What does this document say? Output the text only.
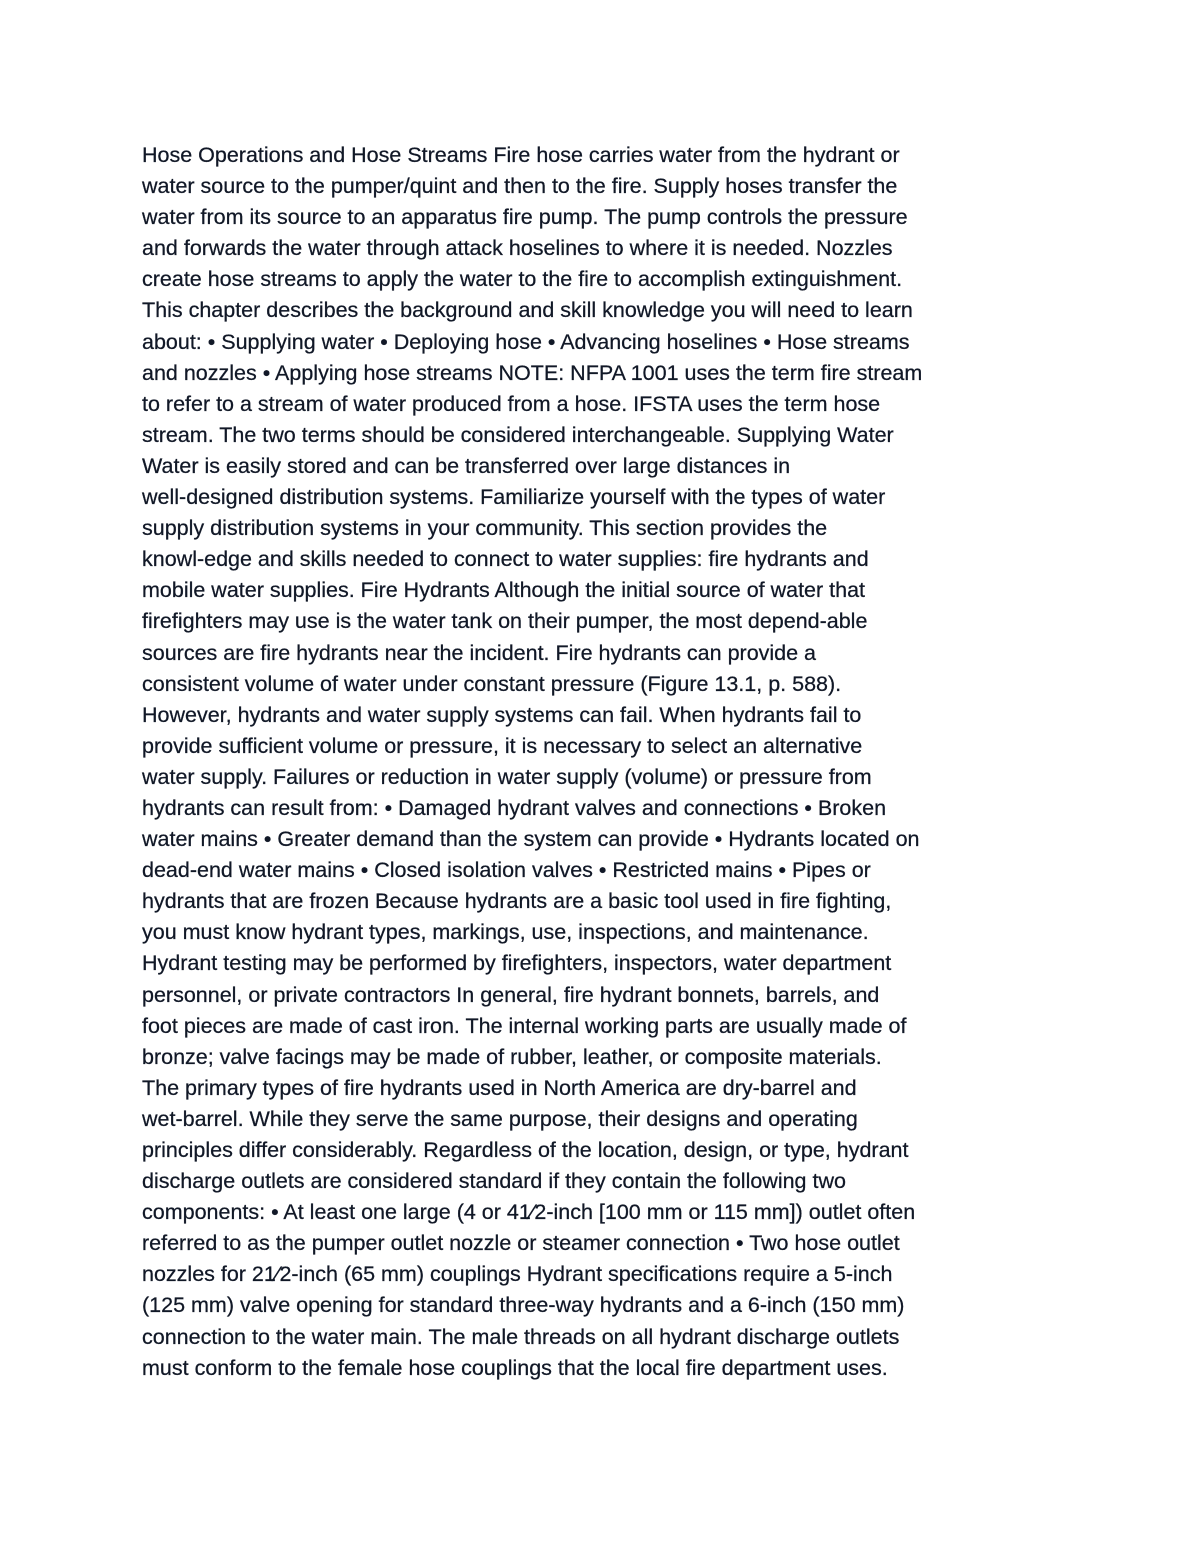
Hose Operations and Hose Streams Fire hose carries water from the hydrant or
water source to the pumper/quint and then to the fire. Supply hoses transfer the
water from its source to an apparatus fire pump. The pump controls the pressure
and forwards the water through attack hoselines to where it is needed. Nozzles
create hose streams to apply the water to the fire to accomplish extinguishment.
This chapter describes the background and skill knowledge you will need to learn
about: • Supplying water • Deploying hose • Advancing hoselines • Hose streams
and nozzles • Applying hose streams NOTE: NFPA 1001 uses the term fire stream
to refer to a stream of water produced from a hose. IFSTA uses the term hose
stream. The two terms should be considered interchangeable. Supplying Water
Water is easily stored and can be transferred over large distances in
well-designed distribution systems. Familiarize yourself with the types of water
supply distribution systems in your community. This section provides the
knowl-edge and skills needed to connect to water supplies: fire hydrants and
mobile water supplies. Fire Hydrants Although the initial source of water that
firefighters may use is the water tank on their pumper, the most depend-able
sources are fire hydrants near the incident. Fire hydrants can provide a
consistent volume of water under constant pressure (Figure 13.1, p. 588).
However, hydrants and water supply systems can fail. When hydrants fail to
provide sufficient volume or pressure, it is necessary to select an alternative
water supply. Failures or reduction in water supply (volume) or pressure from
hydrants can result from: • Damaged hydrant valves and connections • Broken
water mains • Greater demand than the system can provide • Hydrants located on
dead-end water mains • Closed isolation valves • Restricted mains • Pipes or
hydrants that are frozen Because hydrants are a basic tool used in fire fighting,
you must know hydrant types, markings, use, inspections, and maintenance.
Hydrant testing may be performed by firefighters, inspectors, water department
personnel, or private contractors In general, fire hydrant bonnets, barrels, and
foot pieces are made of cast iron. The internal working parts are usually made of
bronze; valve facings may be made of rubber, leather, or composite materials.
The primary types of fire hydrants used in North America are dry-barrel and
wet-barrel. While they serve the same purpose, their designs and operating
principles differ considerably. Regardless of the location, design, or type, hydrant
discharge outlets are considered standard if they contain the following two
components: • At least one large (4 or 41⁄2-inch [100 mm or 115 mm]) outlet often
referred to as the pumper outlet nozzle or steamer connection • Two hose outlet
nozzles for 21⁄2-inch (65 mm) couplings Hydrant specifications require a 5-inch
(125 mm) valve opening for standard three-way hydrants and a 6-inch (150 mm)
connection to the water main. The male threads on all hydrant discharge outlets
must conform to the female hose couplings that the local fire department uses.
